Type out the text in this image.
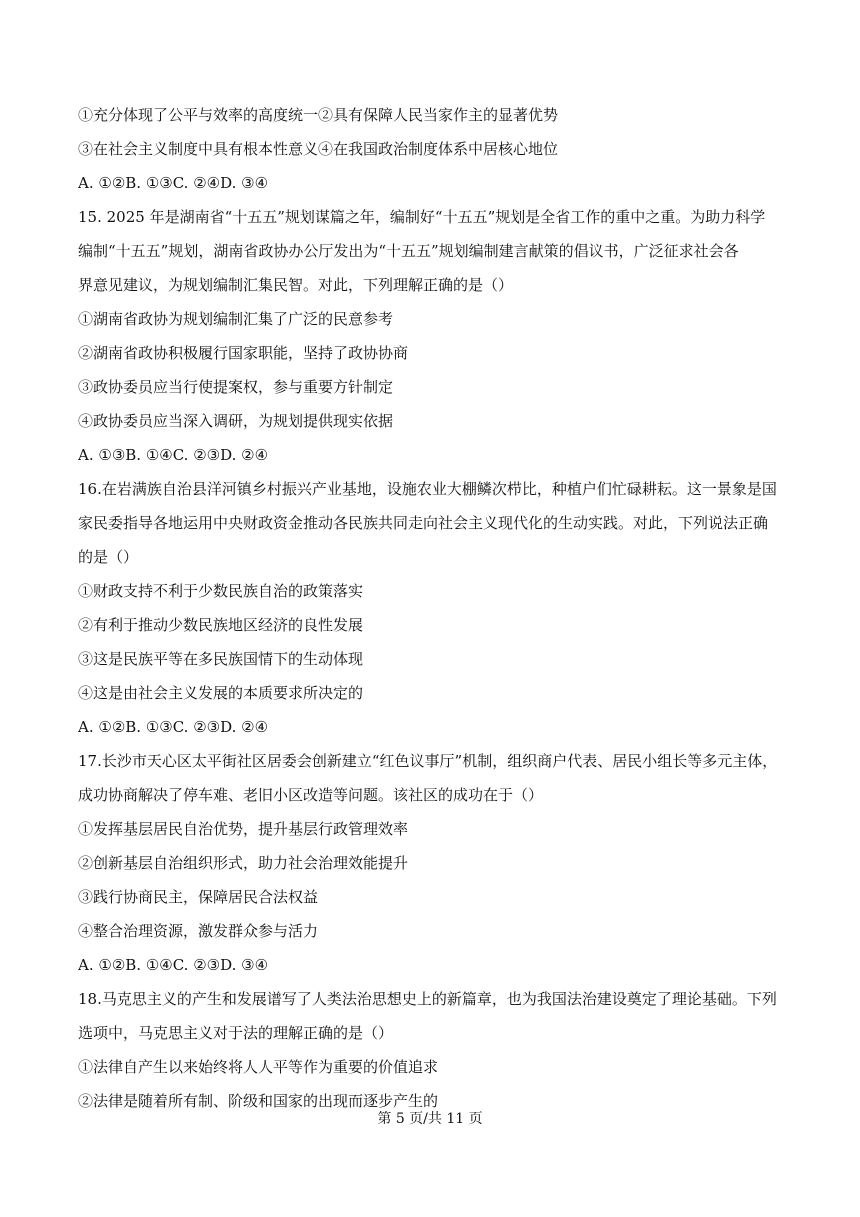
①充分体现了公平与效率的高度统一②具有保障人民当家作主的显著优势
③在社会主义制度中具有根本性意义④在我国政治制度体系中居核心地位
A. ①②B. ①③C. ②④D. ③④
15. 2025 年是湖南省“十五五”规划谋篇之年，编制好“十五五”规划是全省工作的重中之重。为助力科学
编制“十五五”规划，湖南省政协办公厅发出为“十五五”规划编制建言献策的倡议书，广泛征求社会各
界意见建议，为规划编制汇集民智。对此，下列理解正确的是（）
①湖南省政协为规划编制汇集了广泛的民意参考
②湖南省政协积极履行国家职能，坚持了政协协商
③政协委员应当行使提案权，参与重要方针制定
④政协委员应当深入调研，为规划提供现实依据
A. ①③B. ①④C. ②③D. ②④
16.在岩满族自治县洋河镇乡村振兴产业基地，设施农业大棚鳞次栉比，种植户们忙碌耕耘。这一景象是国
家民委指导各地运用中央财政资金推动各民族共同走向社会主义现代化的生动实践。对此，下列说法正确
的是（）
①财政支持不利于少数民族自治的政策落实
②有利于推动少数民族地区经济的良性发展
③这是民族平等在多民族国情下的生动体现
④这是由社会主义发展的本质要求所决定的
A. ①②B. ①③C. ②③D. ②④
17.长沙市天心区太平街社区居委会创新建立“红色议事厅”机制，组织商户代表、居民小组长等多元主体，
成功协商解决了停车难、老旧小区改造等问题。该社区的成功在于（）
①发挥基层居民自治优势，提升基层行政管理效率
②创新基层自治组织形式，助力社会治理效能提升
③践行协商民主，保障居民合法权益
④整合治理资源，激发群众参与活力
A. ①②B. ①④C. ②③D. ③④
18.马克思主义的产生和发展谱写了人类法治思想史上的新篇章，也为我国法治建设奠定了理论基础。下列
选项中，马克思主义对于法的理解正确的是（）
①法律自产生以来始终将人人平等作为重要的价值追求
②法律是随着所有制、阶级和国家的出现而逐步产生的
第 5 页/共 11 页
